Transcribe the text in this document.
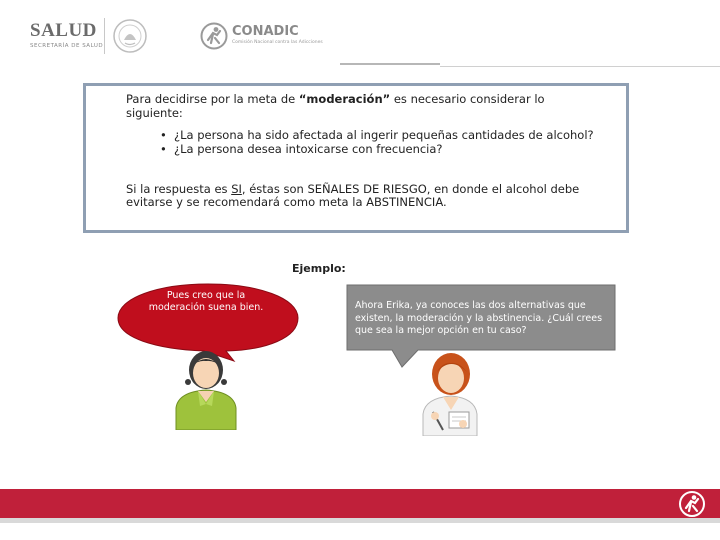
SALUD
SECRETARÍA DE SALUD
CONADIC
Comisión Nacional contra las Adicciones
Para decidirse por la meta de “moderación” es necesario considerar lo siguiente:
• ¿La persona ha sido afectada al ingerir pequeñas cantidades de alcohol?
• ¿La persona desea intoxicarse con frecuencia?
Si la respuesta es SI, éstas son SEÑALES DE RIESGO, en donde el alcohol debe evitarse y se recomendará como meta la ABSTINENCIA.
Ejemplo:
Pues creo que la moderación suena bien.	Ahora Erika, ya conoces las dos alternativas que existen, la moderación y la abstinencia. ¿Cuál crees que sea la mejor opción en tu caso?
